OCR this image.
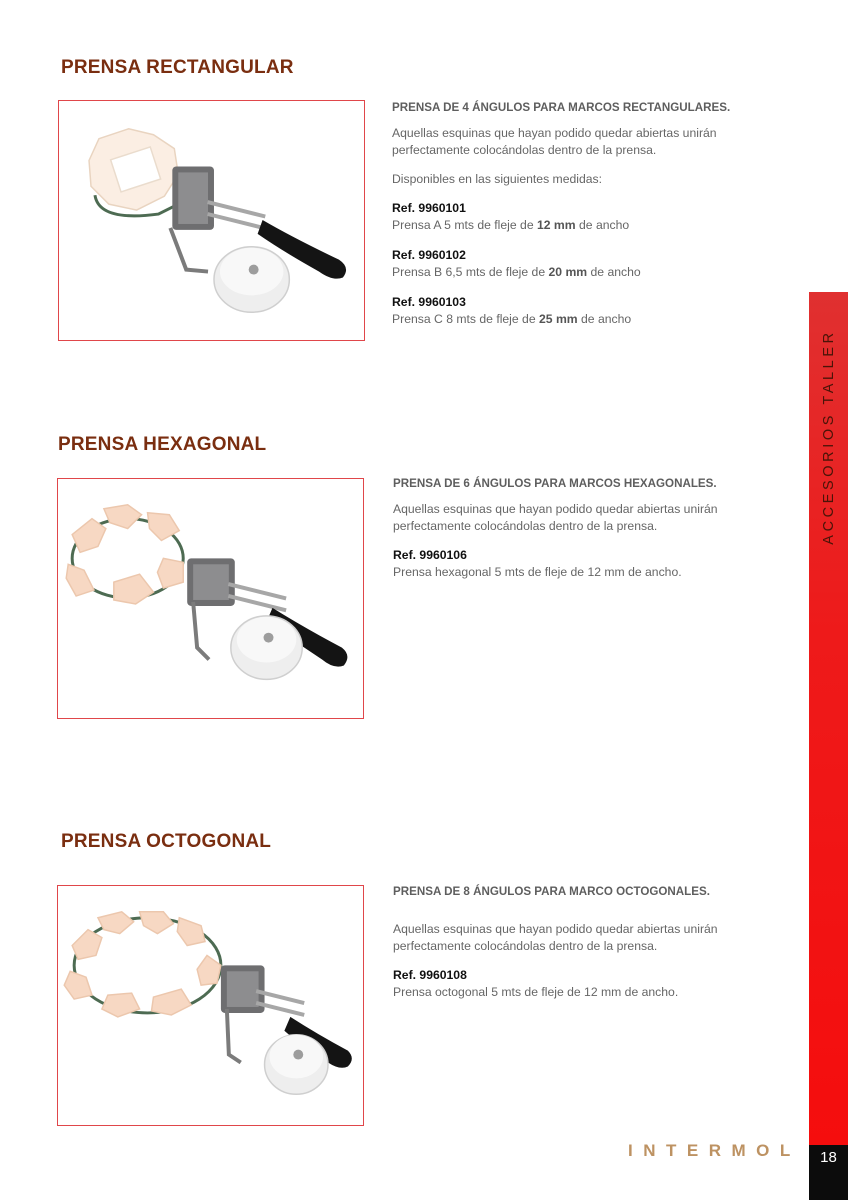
PRENSA RECTANGULAR
PRENSA DE 4 ÁNGULOS PARA MARCOS RECTANGULARES.

Aquellas esquinas que hayan podido quedar abiertas unirán perfectamente colocándolas dentro de la prensa.

Disponibles en las siguientes medidas:

Ref. 9960101
Prensa A 5 mts de fleje de 12 mm de ancho
Ref. 9960102
Prensa B 6,5 mts de fleje de 20 mm de ancho
Ref. 9960103
Prensa C 8 mts de fleje de 25 mm de ancho
PRENSA HEXAGONAL
PRENSA DE 6 ÁNGULOS PARA MARCOS HEXAGONALES.

Aquellas esquinas que hayan podido quedar abiertas unirán perfectamente colocándolas dentro de la prensa.

Ref. 9960106
Prensa hexagonal 5 mts de fleje de 12 mm de ancho.
PRENSA OCTOGONAL
PRENSA DE 8 ÁNGULOS PARA MARCO OCTOGONALES.

Aquellas esquinas que hayan podido quedar abiertas unirán perfectamente colocándolas dentro de la prensa.

Ref. 9960108
Prensa octogonal 5 mts de fleje de 12 mm de ancho.
ACCESORIOS TALLER
INTERMOL	18
